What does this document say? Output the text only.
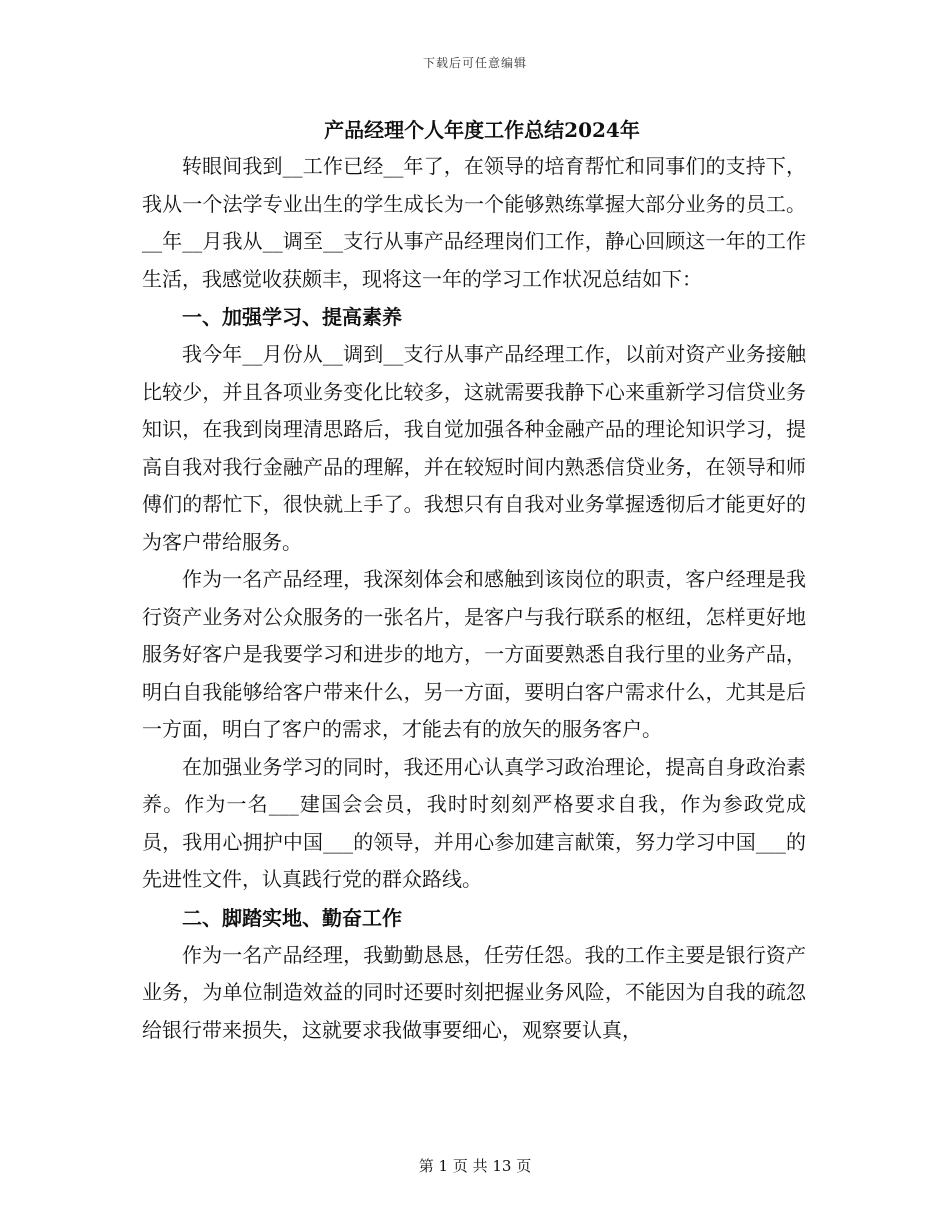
下载后可任意编辑
产品经理个人年度工作总结2024年

转眼间我到__工作已经__年了，在领导的培育帮忙和同事们的支持下，我从一个法学专业出生的学生成长为一个能够熟练掌握大部分业务的员工。__年__月我从__调至__支行从事产品经理岗们工作，静心回顾这一年的工作生活，我感觉收获颇丰，现将这一年的学习工作状况总结如下：

一、加强学习、提高素养

我今年__月份从__调到__支行从事产品经理工作，以前对资产业务接触比较少，并且各项业务变化比较多，这就需要我静下心来重新学习信贷业务知识，在我到岗理清思路后，我自觉加强各种金融产品的理论知识学习，提高自我对我行金融产品的理解，并在较短时间内熟悉信贷业务，在领导和师傅们的帮忙下，很快就上手了。我想只有自我对业务掌握透彻后才能更好的为客户带给服务。

作为一名产品经理，我深刻体会和感触到该岗位的职责，客户经理是我行资产业务对公众服务的一张名片，是客户与我行联系的枢纽，怎样更好地服务好客户是我要学习和进步的地方，一方面要熟悉自我行里的业务产品，明白自我能够给客户带来什么，另一方面，要明白客户需求什么，尤其是后一方面，明白了客户的需求，才能去有的放矢的服务客户。

在加强业务学习的同时，我还用心认真学习政治理论，提高自身政治素养。作为一名___建国会会员，我时时刻刻严格要求自我，作为参政党成员，我用心拥护中国___的领导，并用心参加建言献策，努力学习中国___的先进性文件，认真践行党的群众路线。

二、脚踏实地、勤奋工作

作为一名产品经理，我勤勤恳恳，任劳任怨。我的工作主要是银行资产业务，为单位制造效益的同时还要时刻把握业务风险，不能因为自我的疏忽给银行带来损失，这就要求我做事要细心，观察要认真，

第 1 页 共 13 页
